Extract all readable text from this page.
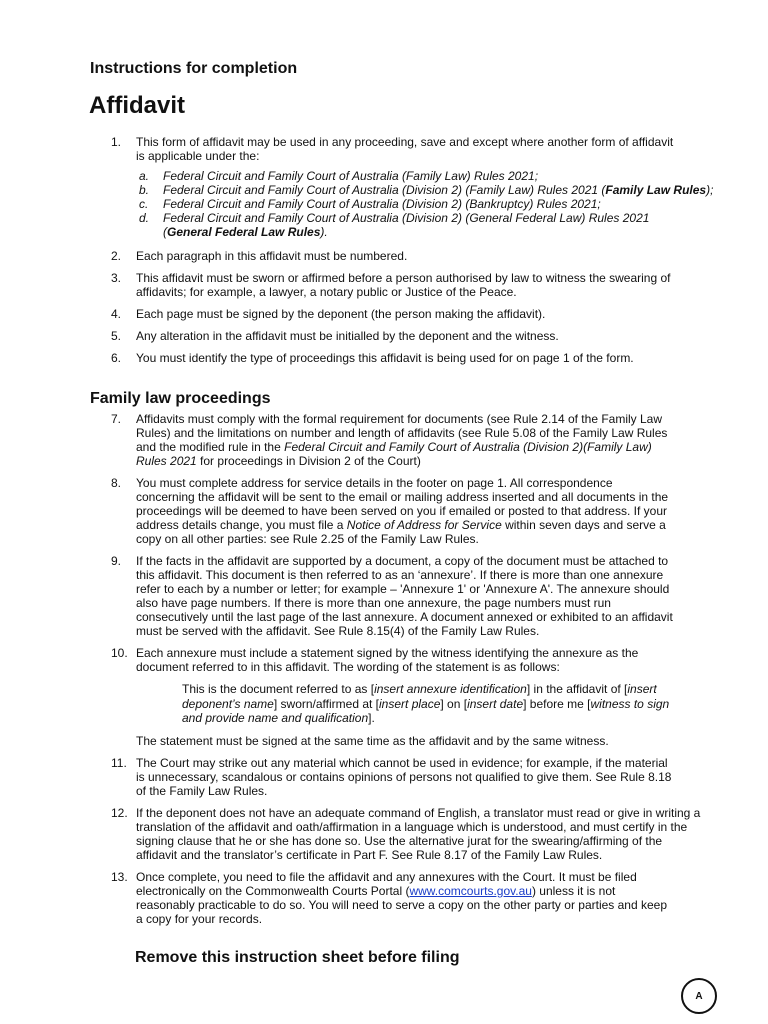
Instructions for completion
Affidavit
1.	This form of affidavit may be used in any proceeding, save and except where another form of affidavit
is applicable under the:
a.	Federal Circuit and Family Court of Australia (Family Law) Rules 2021;
b.	Federal Circuit and Family Court of Australia (Division 2) (Family Law) Rules 2021 (Family Law Rules);
c.	Federal Circuit and Family Court of Australia (Division 2) (Bankruptcy) Rules 2021;
d.	Federal Circuit and Family Court of Australia (Division 2) (General Federal Law) Rules 2021
(General Federal Law Rules).
2.	Each paragraph in this affidavit must be numbered.
3.	This affidavit must be sworn or affirmed before a person authorised by law to witness the swearing of
affidavits; for example, a lawyer, a notary public or Justice of the Peace.
4.	Each page must be signed by the deponent (the person making the affidavit).
5.	Any alteration in the affidavit must be initialled by the deponent and the witness.
6.	You must identify the type of proceedings this affidavit is being used for on page 1 of the form.
Family law proceedings
7.	Affidavits must comply with the formal requirement for documents (see Rule 2.14 of the Family Law
Rules) and the limitations on number and length of affidavits (see Rule 5.08 of the Family Law Rules
and the modified rule in the Federal Circuit and Family Court of Australia (Division 2)(Family Law)
Rules 2021 for proceedings in Division 2 of the Court)
8.	You must complete address for service details in the footer on page 1. All correspondence
concerning the affidavit will be sent to the email or mailing address inserted and all documents in the
proceedings will be deemed to have been served on you if emailed or posted to that address. If your
address details change, you must file a Notice of Address for Service within seven days and serve a
copy on all other parties: see Rule 2.25 of the Family Law Rules.
9.	If the facts in the affidavit are supported by a document, a copy of the document must be attached to
this affidavit. This document is then referred to as an ‘annexure’. If there is more than one annexure
refer to each by a number or letter; for example – 'Annexure 1' or 'Annexure A'. The annexure should
also have page numbers. If there is more than one annexure, the page numbers must run
consecutively until the last page of the last annexure. A document annexed or exhibited to an affidavit
must be served with the affidavit. See Rule 8.15(4) of the Family Law Rules.
10. Each annexure must include a statement signed by the witness identifying the annexure as the
document referred to in this affidavit. The wording of the statement is as follows:
This is the document referred to as [insert annexure identification] in the affidavit of [insert
deponent’s name] sworn/affirmed at [insert place] on [insert date] before me [witness to sign
and provide name and qualification].
The statement must be signed at the same time as the affidavit and by the same witness.
11. The Court may strike out any material which cannot be used in evidence; for example, if the material
is unnecessary, scandalous or contains opinions of persons not qualified to give them. See Rule 8.18
of the Family Law Rules.
12. If the deponent does not have an adequate command of English, a translator must read or give in writing a
translation of the affidavit and oath/affirmation in a language which is understood, and must certify in the
signing clause that he or she has done so. Use the alternative jurat for the swearing/affirming of the
affidavit and the translator’s certificate in Part F. See Rule 8.17 of the Family Law Rules.
13. Once complete, you need to file the affidavit and any annexures with the Court. It must be filed
electronically on the Commonwealth Courts Portal (www.comcourts.gov.au) unless it is not
reasonably practicable to do so. You will need to serve a copy on the other party or parties and keep
a copy for your records.
Remove this instruction sheet before filing
A
